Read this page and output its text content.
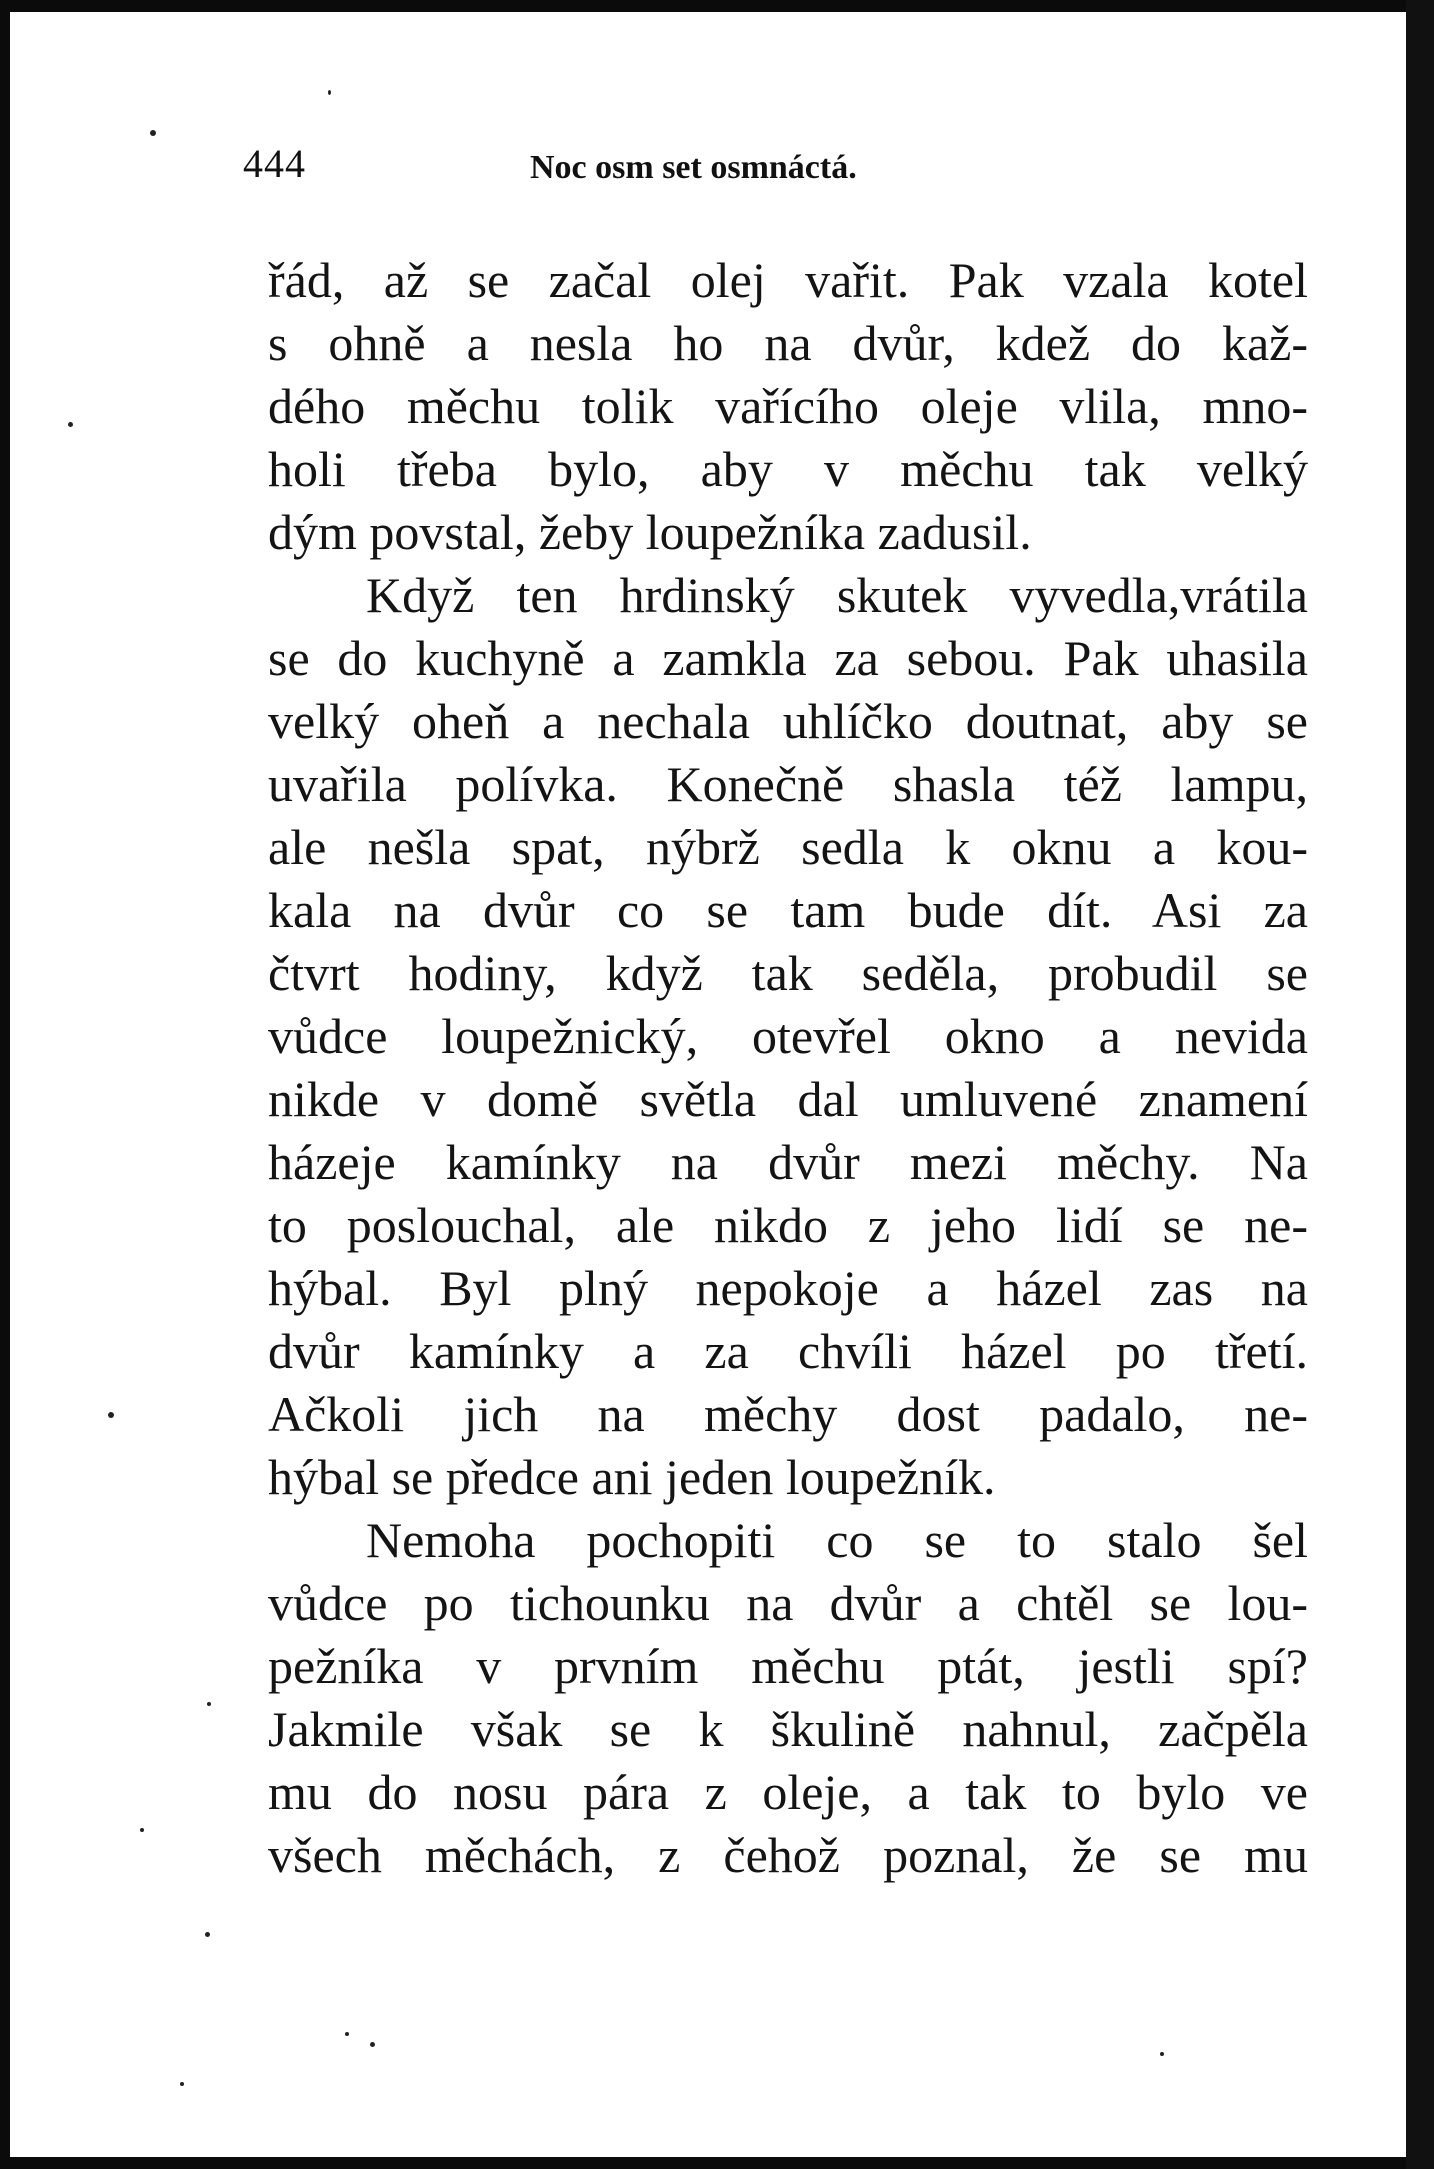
444	Noc osm set osmnáctá.
řád, až se začal olej vařit. Pak vzala kotel
s ohně a nesla ho na dvůr, kdež do kaž-
dého měchu tolik vařícího oleje vlila, mno-
holi třeba bylo, aby v měchu tak velký
dým povstal, žeby loupežníka zadusil.
Když ten hrdinský skutek vyvedla,vrátila
se do kuchyně a zamkla za sebou. Pak uhasila
velký oheň a nechala uhlíčko doutnat, aby se
uvařila polívka. Konečně shasla též lampu,
ale nešla spat, nýbrž sedla k oknu a kou-
kala na dvůr co se tam bude dít. Asi za
čtvrt hodiny, když tak seděla, probudil se
vůdce loupežnický, otevřel okno a nevida
nikde v domě světla dal umluvené znamení
házeje kamínky na dvůr mezi měchy. Na
to poslouchal, ale nikdo z jeho lidí se ne-
hýbal. Byl plný nepokoje a házel zas na
dvůr kamínky a za chvíli házel po třetí.
Ačkoli jich na měchy dost padalo, ne-
hýbal se předce ani jeden loupežník.
Nemoha pochopiti co se to stalo šel
vůdce po tichounku na dvůr a chtěl se lou-
pežníka v prvním měchu ptát, jestli spí?
Jakmile však se k škulině nahnul, začpěla
mu do nosu pára z oleje, a tak to bylo ve
všech měchách, z čehož poznal, že se mu
